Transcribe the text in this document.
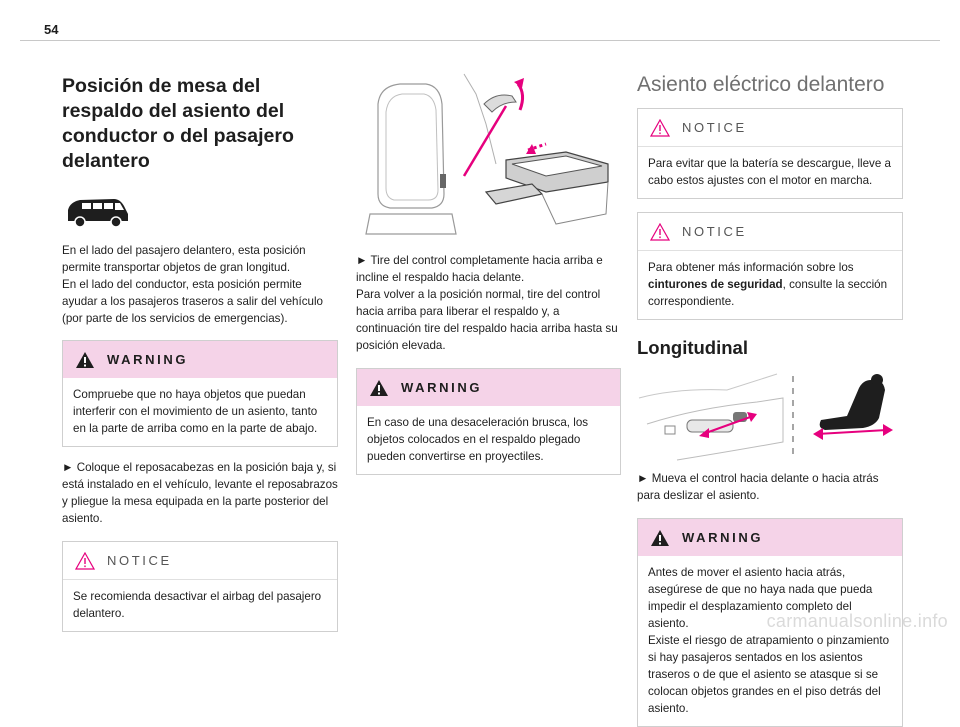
54
Posición de mesa del respaldo del asiento del conductor o del pasajero delantero

En el lado del pasajero delantero, esta posición permite transportar objetos de gran longitud.

En el lado del conductor, esta posición permite ayudar a los pasajeros traseros a salir del vehículo (por parte de los servicios de emergencias).

WARNING

Compruebe que no haya objetos que puedan interferir con el movimiento de un asiento, tanto en la parte de arriba como en la parte de abajo.

► Coloque el reposacabezas en la posición baja y, si está instalado en el vehículo, levante el reposabrazos y pliegue la mesa equipada en la parte posterior del asiento.

NOTICE

Se recomienda desactivar el airbag del pasajero delantero.

► Tire del control completamente hacia arriba e incline el respaldo hacia delante.

Para volver a la posición normal, tire del control hacia arriba para liberar el respaldo y, a continuación tire del respaldo hacia arriba hasta su posición elevada.

WARNING

En caso de una desaceleración brusca, los objetos colocados en el respaldo plegado pueden convertirse en proyectiles.

Asiento eléctrico delantero
NOTICE

Para evitar que la batería se descargue, lleve a cabo estos ajustes con el motor en marcha.

NOTICE

Para obtener más información sobre los cinturones de seguridad, consulte la sección correspondiente.

Longitudinal

► Mueva el control hacia delante o hacia atrás para deslizar el asiento.

WARNING

Antes de mover el asiento hacia atrás, asegúrese de que no haya nada que pueda impedir el desplazamiento completo del asiento.

Existe el riesgo de atrapamiento o pinzamiento si hay pasajeros sentados en los asientos traseros o de que el asiento se atasque si se colocan objetos grandes en el piso detrás del asiento.

carmanualsonline.info
